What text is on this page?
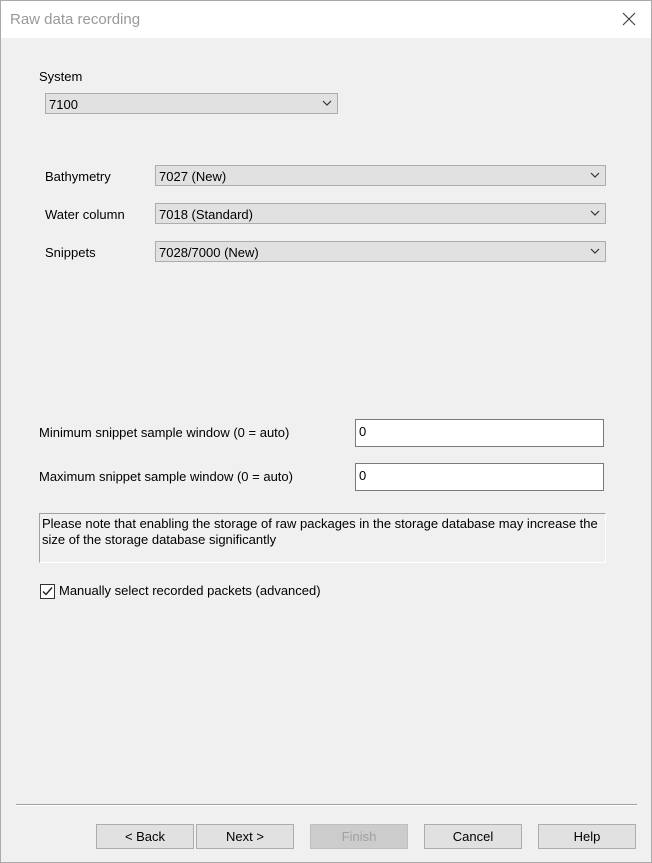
Raw data recording
System
7100
Bathymetry	7027 (New)
Water column	7018 (Standard)
Snippets	7028/7000 (New)
Minimum snippet sample window (0 = auto)	0
Maximum snippet sample window (0 = auto)	0
Please note that enabling the storage of raw packages in the storage database may increase the size of the storage database significantly
Manually select recorded packets (advanced)
< Back	Next >	Finish	Cancel	Help
